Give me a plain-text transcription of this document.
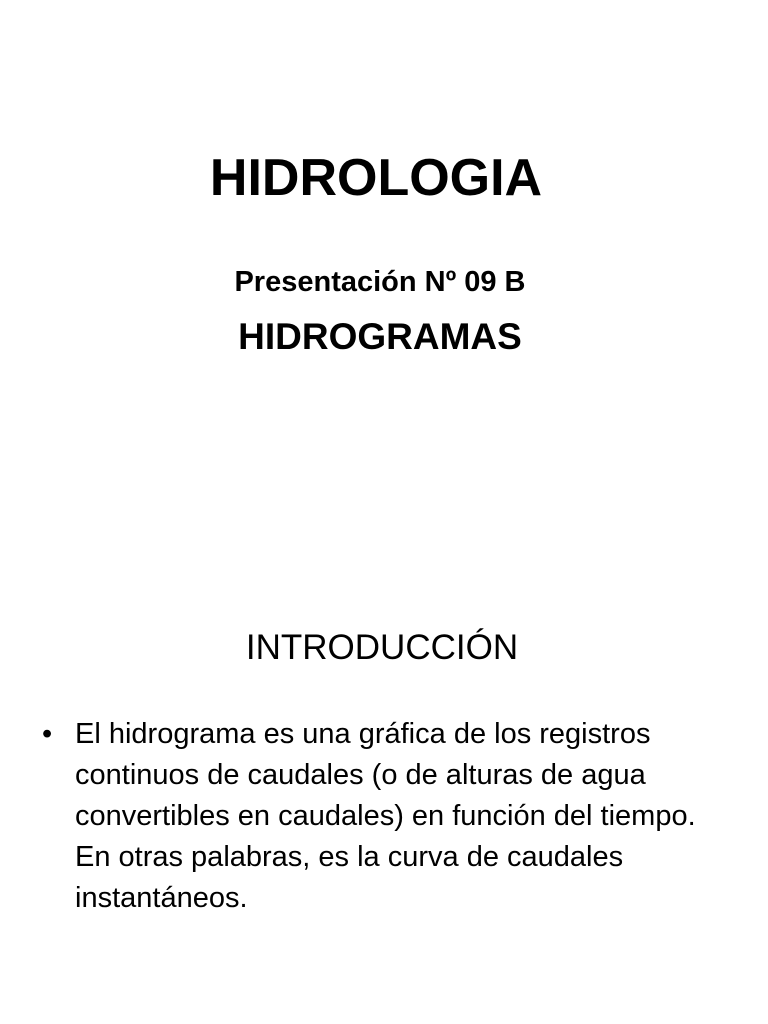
HIDROLOGIA
Presentación Nº 09 B
HIDROGRAMAS
INTRODUCCIÓN
• El hidrograma es una gráfica de los registros continuos de caudales (o de alturas de agua convertibles en caudales) en función del tiempo. En otras palabras, es la curva de caudales instantáneos.
